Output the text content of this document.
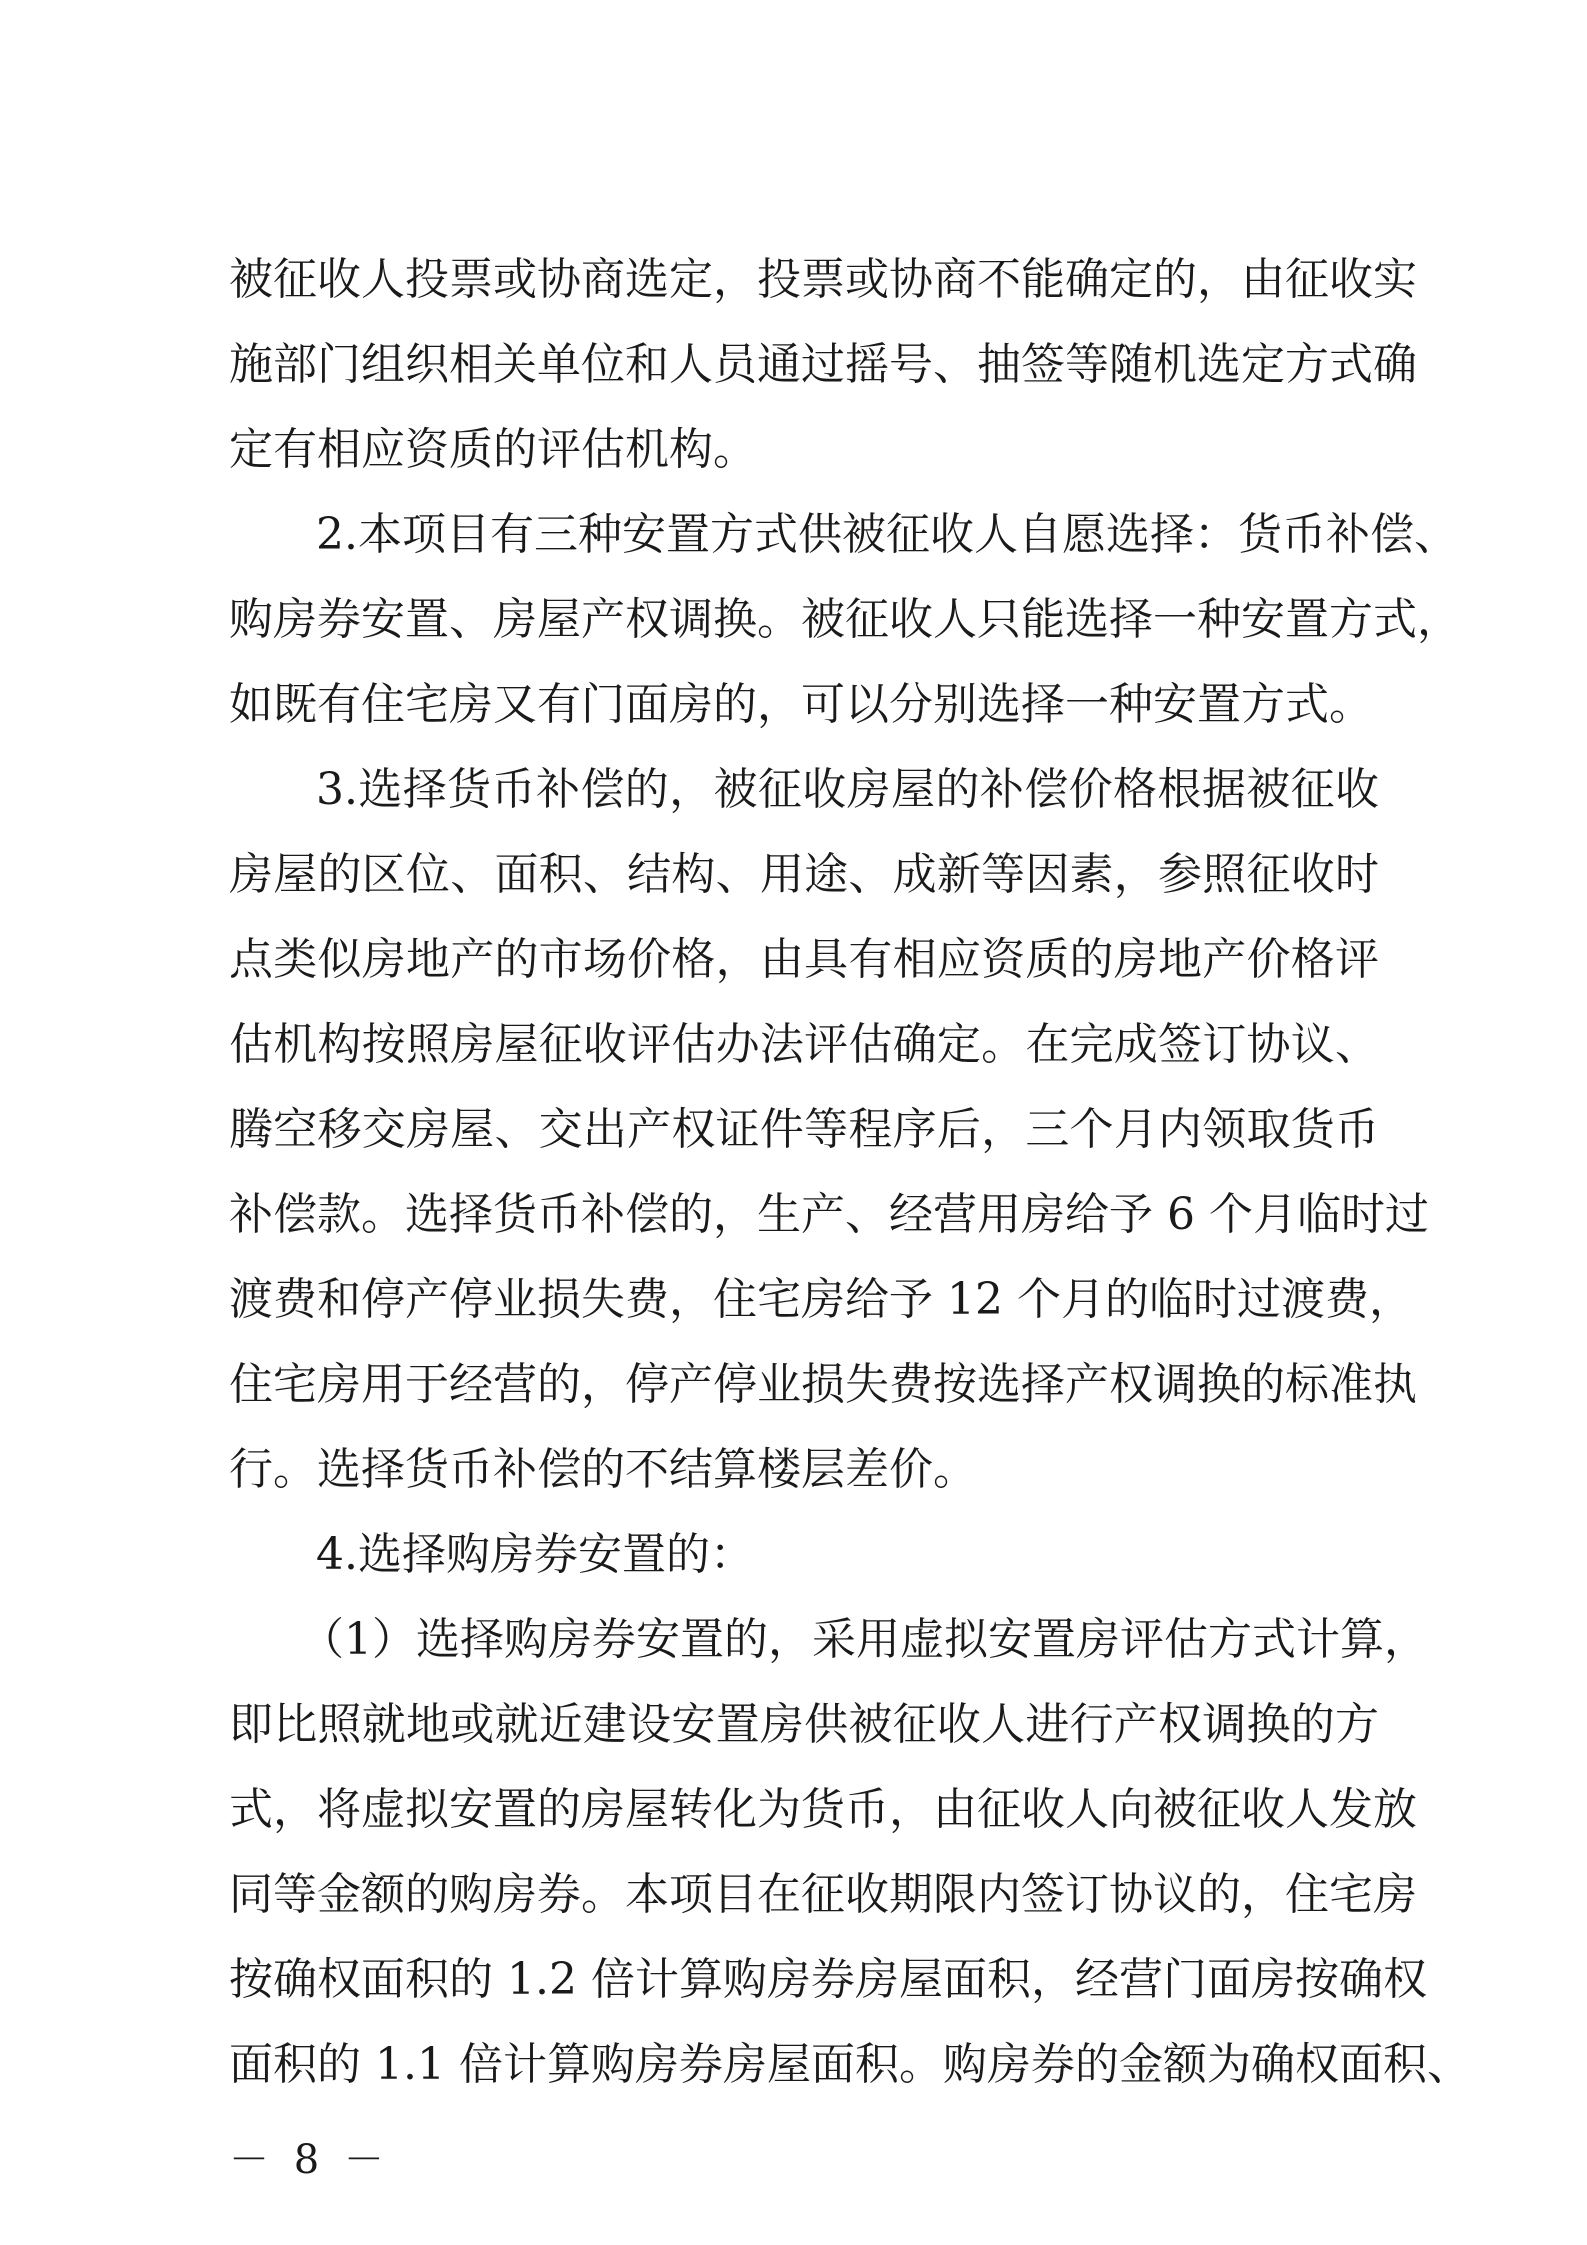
被征收人投票或协商选定，投票或协商不能确定的，由征收实
施部门组织相关单位和人员通过摇号、抽签等随机选定方式确
定有相应资质的评估机构。
2.本项目有三种安置方式供被征收人自愿选择：货币补偿、
购房券安置、房屋产权调换。被征收人只能选择一种安置方式，
如既有住宅房又有门面房的，可以分别选择一种安置方式。
3.选择货币补偿的，被征收房屋的补偿价格根据被征收
房屋的区位、面积、结构、用途、成新等因素，参照征收时
点类似房地产的市场价格，由具有相应资质的房地产价格评
估机构按照房屋征收评估办法评估确定。在完成签订协议、
腾空移交房屋、交出产权证件等程序后，三个月内领取货币
补偿款。选择货币补偿的，生产、经营用房给予 6 个月临时过
渡费和停产停业损失费，住宅房给予 12 个月的临时过渡费，
住宅房用于经营的，停产停业损失费按选择产权调换的标准执
行。选择货币补偿的不结算楼层差价。
4.选择购房券安置的：
（1）选择购房券安置的，采用虚拟安置房评估方式计算，
即比照就地或就近建设安置房供被征收人进行产权调换的方
式，将虚拟安置的房屋转化为货币，由征收人向被征收人发放
同等金额的购房券。本项目在征收期限内签订协议的，住宅房
按确权面积的 1.2 倍计算购房券房屋面积，经营门面房按确权
面积的 1.1 倍计算购房券房屋面积。购房券的金额为确权面积、
－ 8 －
